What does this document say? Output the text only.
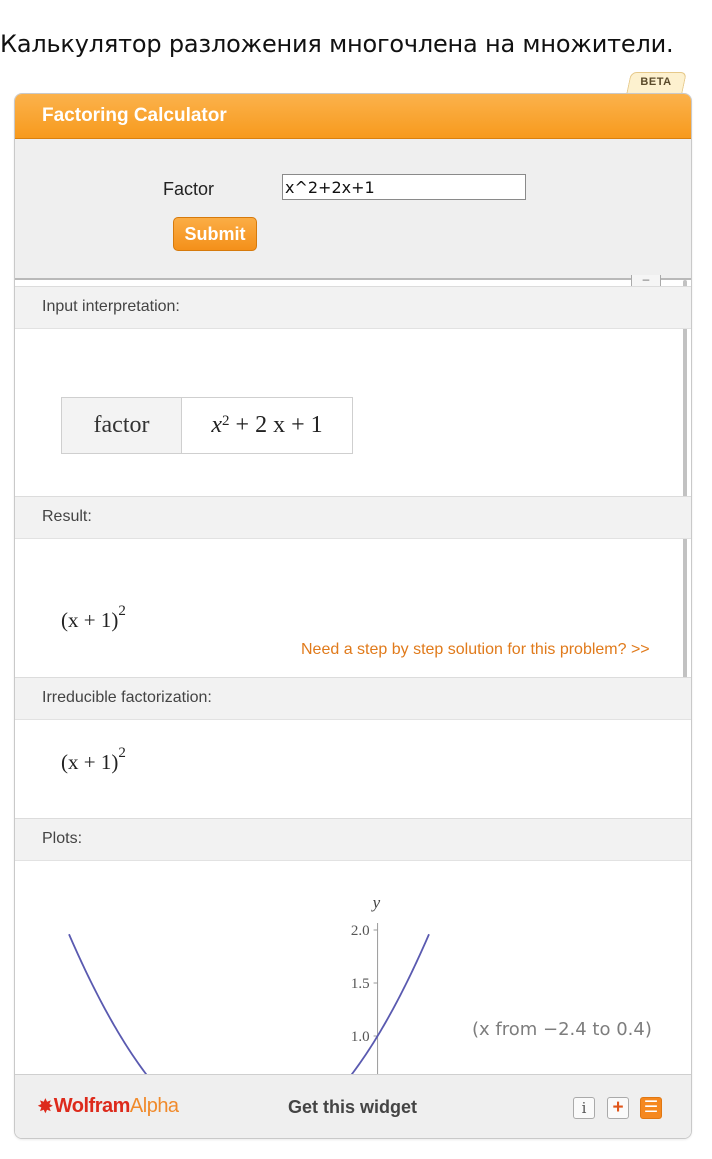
Калькулятор разложения многочлена на множители.
BETA
Factoring Calculator
Factor
x^2+2x+1
Submit
–
Input interpretation:
factor	$x^2 + 2$ x + 1
Result:
$(x + 1)^2$
Need a step by step solution for this problem? >>
Irreducible factorization:
$(x + 1)^2$
Plots:
y
2.0
1.5
1.0	(x from −2.4 to 0.4)
✸ Wolfram Alpha	Get this widget	i	+	☰
